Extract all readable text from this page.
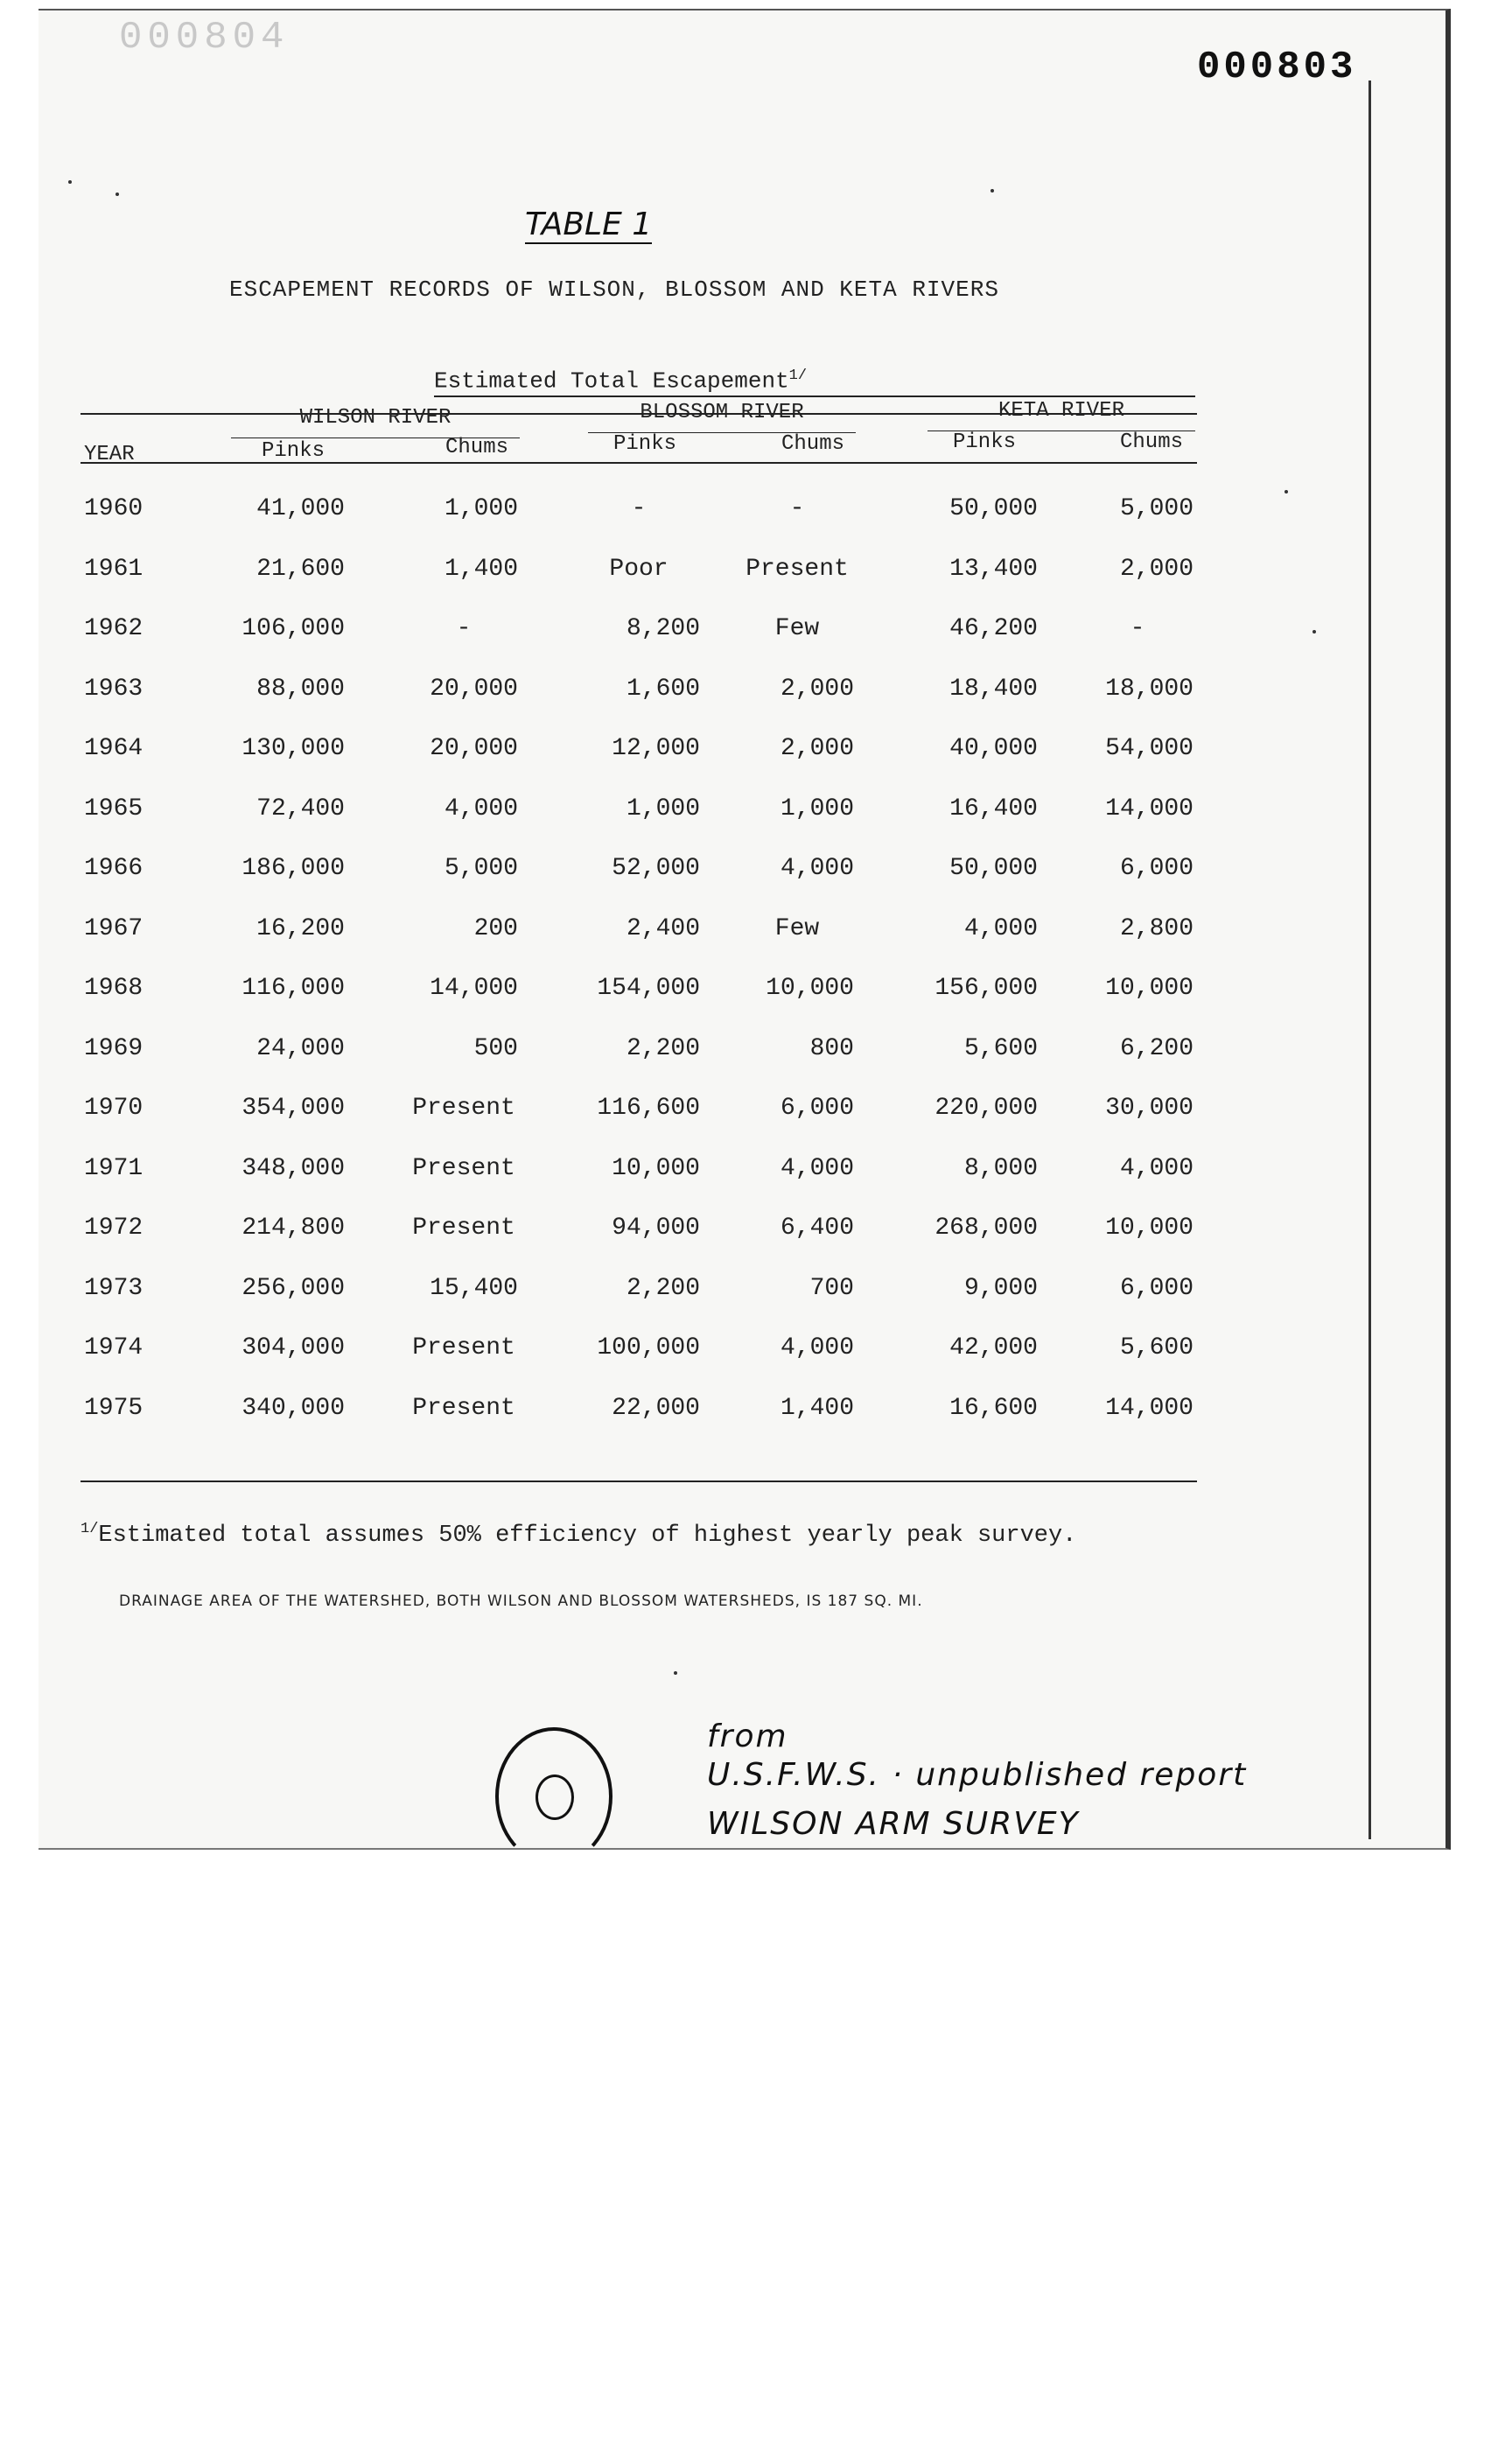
000804
000803
TABLE 1
ESCAPEMENT RECORDS OF WILSON, BLOSSOM AND KETA RIVERS
Estimated Total Escapement$^{1/}$
WILSON RIVER	BLOSSOM RIVER	KETA RIVER
YEAR	Pinks	Chums	Pinks	Chums	Pinks	Chums
1960	41,000	1,000	-	-	50,000	5,000
1961	21,600	1,400	Poor	Present	13,400	2,000
1962	106,000	-	8,200	Few	46,200	-
1963	88,000	20,000	1,600	2,000	18,400	18,000
1964	130,000	20,000	12,000	2,000	40,000	54,000
1965	72,400	4,000	1,000	1,000	16,400	14,000
1966	186,000	5,000	52,000	4,000	50,000	6,000
1967	16,200	200	2,400	Few	4,000	2,800
1968	116,000	14,000	154,000	10,000	156,000	10,000
1969	24,000	500	2,200	800	5,600	6,200
1970	354,000	Present	116,600	6,000	220,000	30,000
1971	348,000	Present	10,000	4,000	8,000	4,000
1972	214,800	Present	94,000	6,400	268,000	10,000
1973	256,000	15,400	2,200	700	9,000	6,000
1974	304,000	Present	100,000	4,000	42,000	5,600
1975	340,000	Present	22,000	1,400	16,600	14,000
$^{1/}$Estimated total assumes 50% efficiency of highest yearly peak survey.
DRAINAGE AREA OF THE WATERSHED, BOTH WILSON AND BLOSSOM WATERSHEDS, IS 187 SQ. MI.
from
U.S.F.W.S. · unpublished report
WILSON ARM SURVEY
